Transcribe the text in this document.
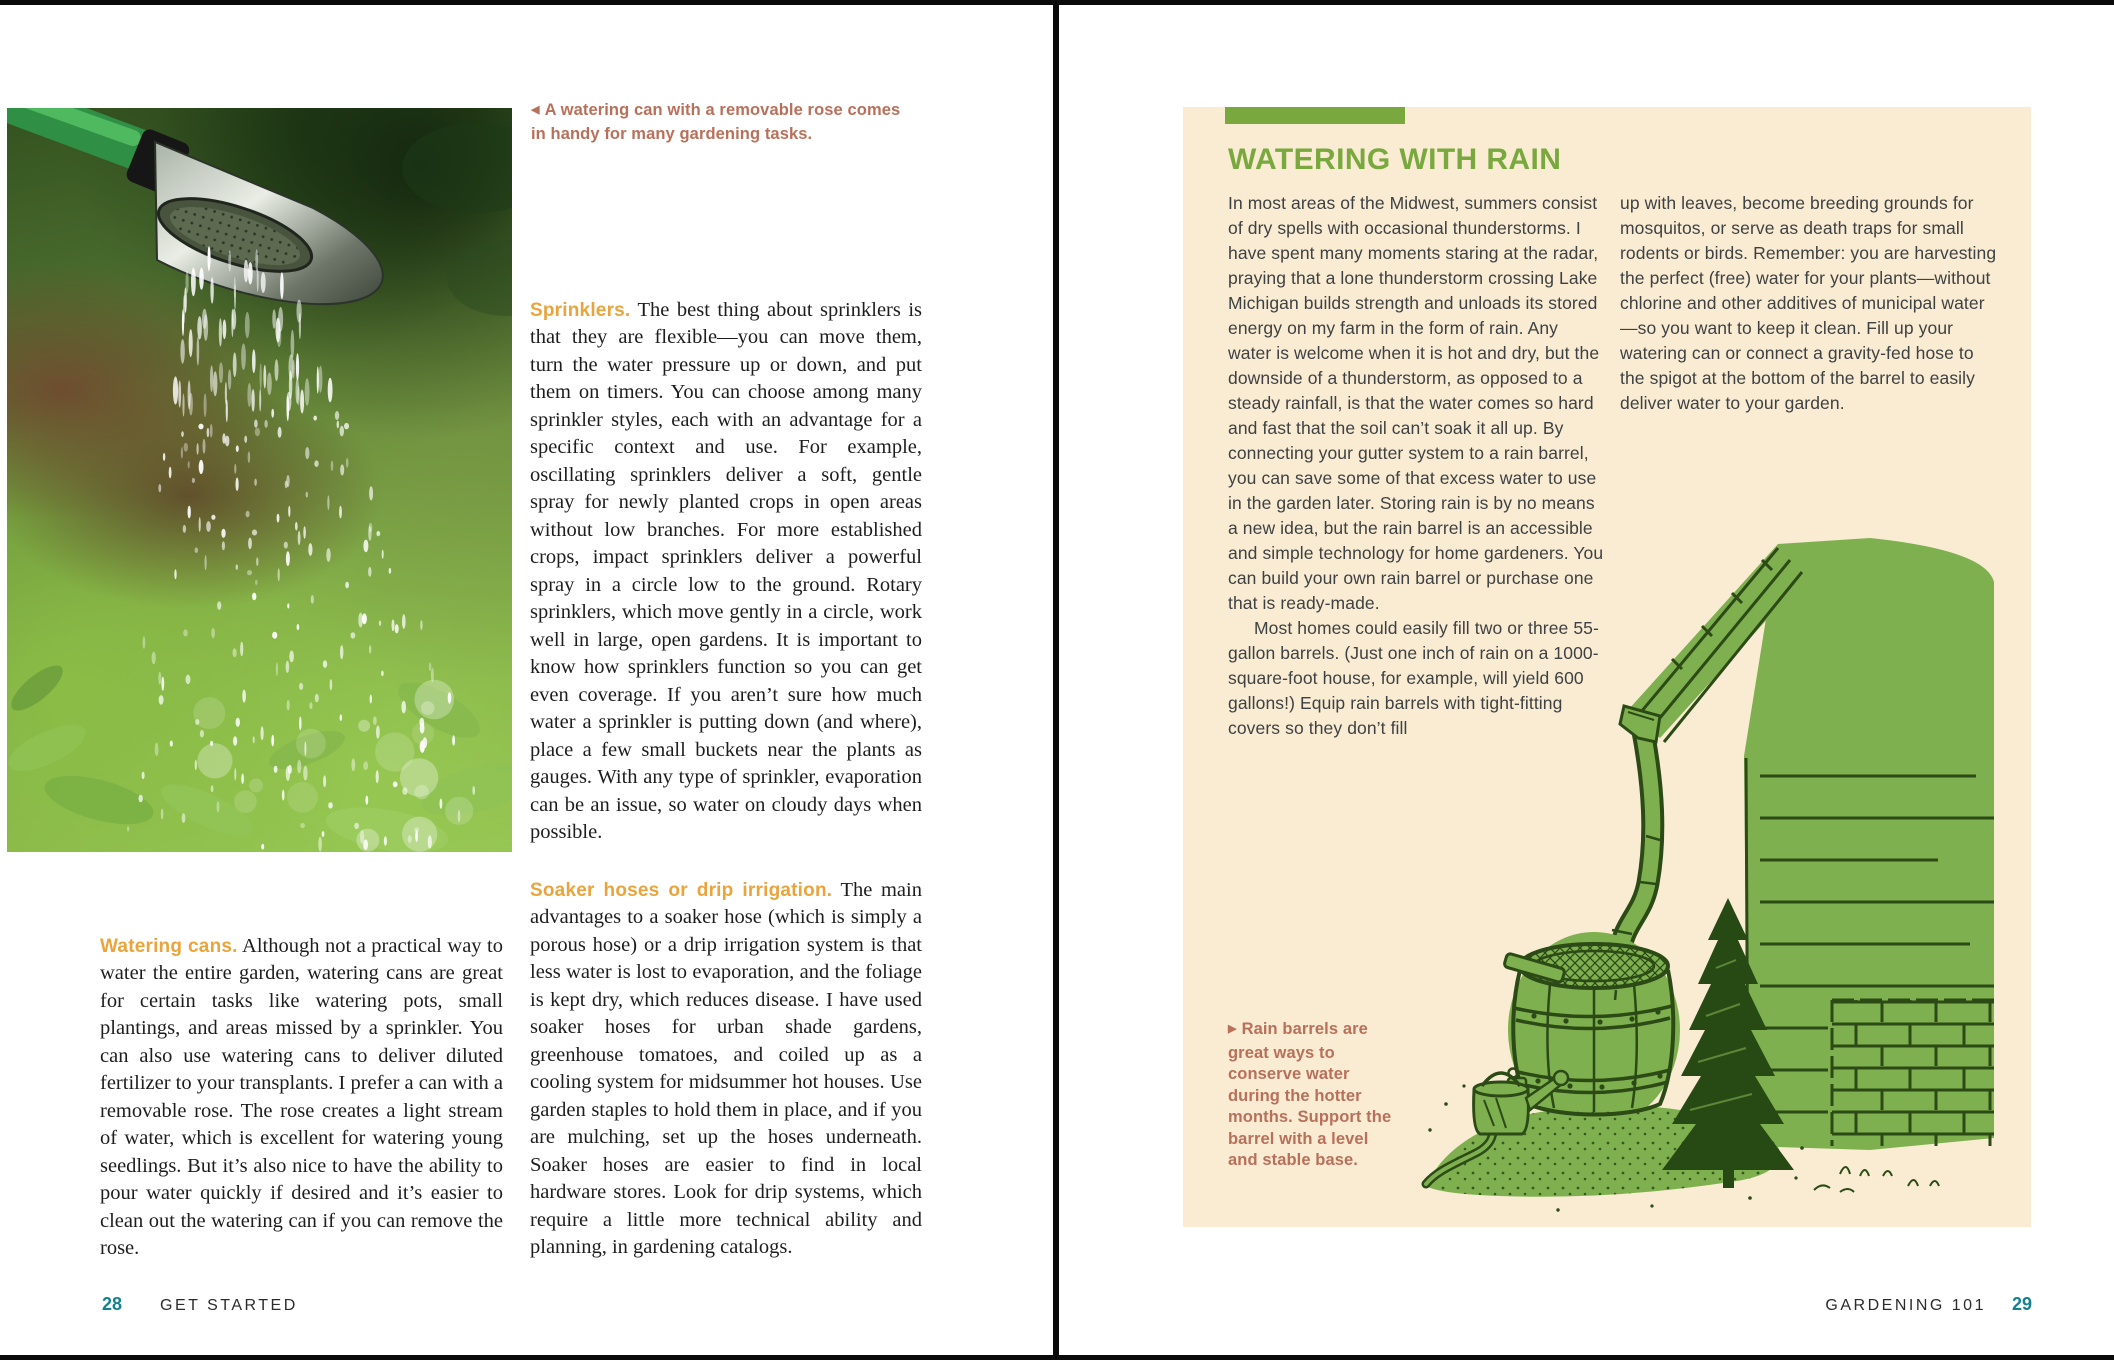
◀ A watering can with a removable rose comes in handy for many gardening tasks.

Sprinklers. The best thing about sprinklers is that they are flexible—you can move them, turn the water pressure up or down, and put them on timers. You can choose among many sprinkler styles, each with an advantage for a specific context and use. For example, oscillating sprinklers deliver a soft, gentle spray for newly planted crops in open areas without low branches. For more established crops, impact sprinklers deliver a powerful spray in a circle low to the ground. Rotary sprinklers, which move gently in a circle, work well in large, open gardens. It is important to know how sprinklers function so you can get even coverage. If you aren’t sure how much water a sprinkler is putting down (and where), place a few small buckets near the plants as gauges. With any type of sprinkler, evaporation can be an issue, so water on cloudy days when possible.

Watering cans. Although not a practical way to water the entire garden, watering cans are great for certain tasks like watering pots, small plantings, and areas missed by a sprinkler. You can also use watering cans to deliver diluted fertilizer to your transplants. I prefer a can with a removable rose. The rose creates a light stream of water, which is excellent for watering young seedlings. But it’s also nice to have the ability to pour water quickly if desired and it’s easier to clean out the watering can if you can remove the rose.

Soaker hoses or drip irrigation. The main advantages to a soaker hose (which is simply a porous hose) or a drip irrigation system is that less water is lost to evaporation, and the foliage is kept dry, which reduces disease. I have used soaker hoses for urban shade gardens, greenhouse tomatoes, and coiled up as a cooling system for midsummer hot houses. Use garden staples to hold them in place, and if you are mulching, set up the hoses underneath. Soaker hoses are easier to find in local hardware stores. Look for drip systems, which require a little more technical ability and planning, in gardening catalogs.

28 GET STARTED
WATERING WITH RAIN

In most areas of the Midwest, summers consist of dry spells with occasional thunderstorms. I have spent many moments staring at the radar, praying that a lone thunderstorm crossing Lake Michigan builds strength and unloads its stored energy on my farm in the form of rain. Any water is welcome when it is hot and dry, but the downside of a thunderstorm, as opposed to a steady rainfall, is that the water comes so hard and fast that the soil can’t soak it all up. By connecting your gutter system to a rain barrel, you can save some of that excess water to use in the garden later. Storing rain is by no means a new idea, but the rain barrel is an accessible and simple technology for home gardeners. You can build your own rain barrel or purchase one that is ready-made.

Most homes could easily fill two or three 55-gallon barrels. (Just one inch of rain on a 1000-square-foot house, for example, will yield 600 gallons!) Equip rain barrels with tight-fitting covers so they don’t fill

up with leaves, become breeding grounds for mosquitos, or serve as death traps for small rodents or birds. Remember: you are harvesting the perfect (free) water for your plants—without chlorine and other additives of municipal water—so you want to keep it clean. Fill up your watering can or connect a gravity-fed hose to the spigot at the bottom of the barrel to easily deliver water to your garden.

▶ Rain barrels are great ways to conserve water during the hotter months. Support the barrel with a level and stable base.
GARDENING 101 29
